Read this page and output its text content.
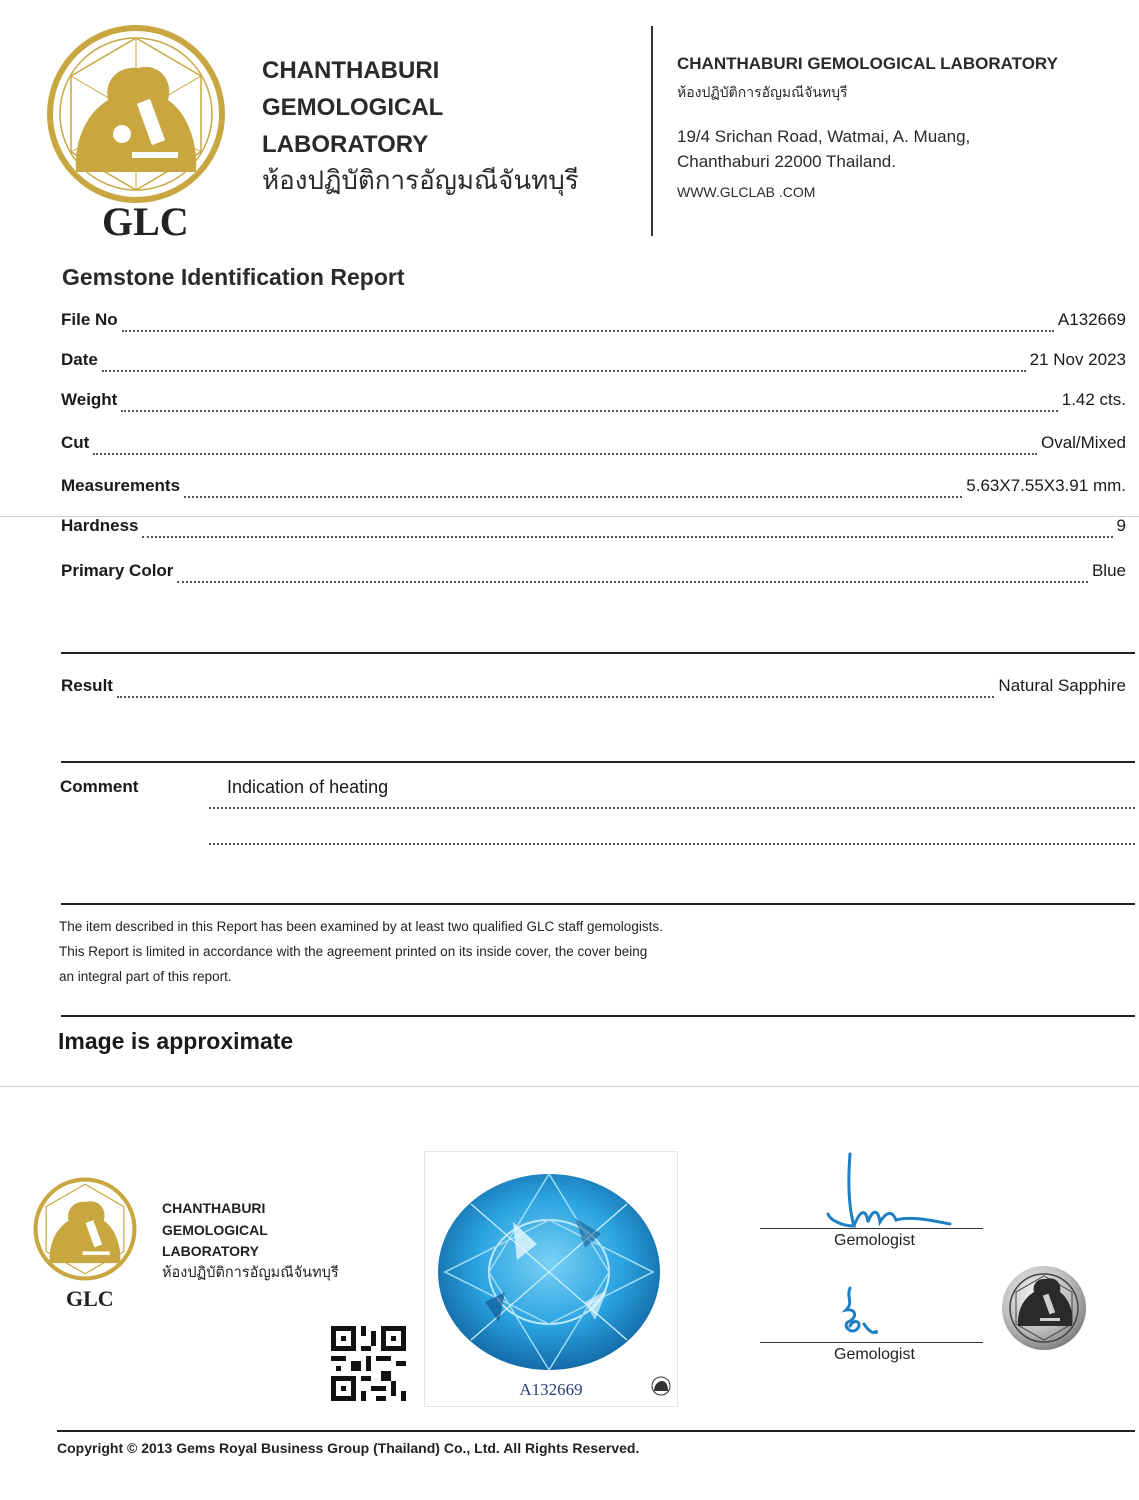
GLC
CHANTHABURI
GEMOLOGICAL
LABORATORY
ห้องปฏิบัติการอัญมณีจันทบุรี
CHANTHABURI GEMOLOGICAL LABORATORY
ห้องปฏิบัติการอัญมณีจันทบุรี
19/4 Srichan Road, Watmai, A. Muang,
Chanthaburi 22000 Thailand.
WWW.GLCLAB .COM
Gemstone Identification Report
File No	A132669
Date	21 Nov 2023
Weight	1.42 cts.
Cut	Oval/Mixed
Measurements	5.63X7.55X3.91 mm.
Hardness	9
Primary Color	Blue
Result	Natural Sapphire
Comment	Indication of heating
The item described in this Report has been examined by at least two qualified GLC staff gemologists.
This Report is limited in accordance with the agreement printed on its inside cover, the cover being
an integral part of this report.
Image is approximate
GLC
CHANTHABURI
GEMOLOGICAL
LABORATORY
ห้องปฏิบัติการอัญมณีจันทบุรี
A132669
Gemologist
Gemologist
Copyright © 2013 Gems Royal Business Group (Thailand) Co., Ltd. All Rights Reserved.
